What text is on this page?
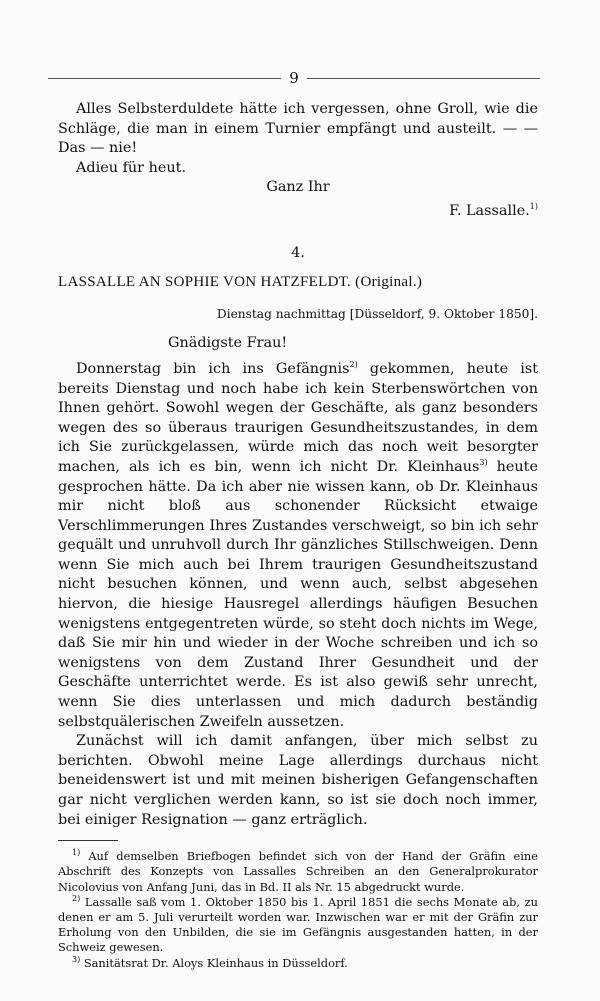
9

Alles Selbsterduldete hätte ich vergessen, ohne Groll, wie die Schläge, die man in einem Turnier empfängt und austeilt. — — Das — nie!

Adieu für heut.

Ganz Ihr

F. Lassalle.$^{1)}$

4.

LASSALLE AN SOPHIE VON HATZFELDT. (Original.)

Dienstag nachmittag [Düsseldorf, 9. Oktober 1850].

Gnädigste Frau!

Donnerstag bin ich ins Gefängnis$^{2)}$ gekommen, heute ist bereits Dienstag und noch habe ich kein Sterbenswörtchen von Ihnen gehört. Sowohl wegen der Geschäfte, als ganz besonders wegen des so überaus traurigen Gesundheitszustandes, in dem ich Sie zurückgelassen, würde mich das noch weit besorgter machen, als ich es bin, wenn ich nicht Dr. Kleinhaus$^{3)}$ heute gesprochen hätte. Da ich aber nie wissen kann, ob Dr. Kleinhaus mir nicht bloß aus schonender Rücksicht etwaige Verschlimmerungen Ihres Zustandes verschweigt, so bin ich sehr gequält und unruhvoll durch Ihr gänzliches Stillschweigen. Denn wenn Sie mich auch bei Ihrem traurigen Gesundheitszustand nicht besuchen können, und wenn auch, selbst abgesehen hiervon, die hiesige Hausregel allerdings häufigen Besuchen wenigstens entgegentreten würde, so steht doch nichts im Wege, daß Sie mir hin und wieder in der Woche schreiben und ich so wenigstens von dem Zustand Ihrer Gesundheit und der Geschäfte unterrichtet werde. Es ist also gewiß sehr unrecht, wenn Sie dies unterlassen und mich dadurch beständig selbstquälerischen Zweifeln aussetzen.

Zunächst will ich damit anfangen, über mich selbst zu berichten. Obwohl meine Lage allerdings durchaus nicht beneidenswert ist und mit meinen bisherigen Gefangenschaften gar nicht verglichen werden kann, so ist sie doch noch immer, bei einiger Resignation — ganz erträglich.

$^{1)}$ Auf demselben Briefbogen befindet sich von der Hand der Gräfin eine Abschrift des Konzepts von Lassalles Schreiben an den Generalprokurator Nicolovius von Anfang Juni, das in Bd. II als Nr. 15 abgedruckt wurde.

$^{2)}$ Lassalle saß vom 1. Oktober 1850 bis 1. April 1851 die sechs Monate ab, zu denen er am 5. Juli verurteilt worden war. Inzwischen war er mit der Gräfin zur Erholung von den Unbilden, die sie im Gefängnis ausgestanden hatten, in der Schweiz gewesen.

$^{3)}$ Sanitätsrat Dr. Aloys Kleinhaus in Düsseldorf.
